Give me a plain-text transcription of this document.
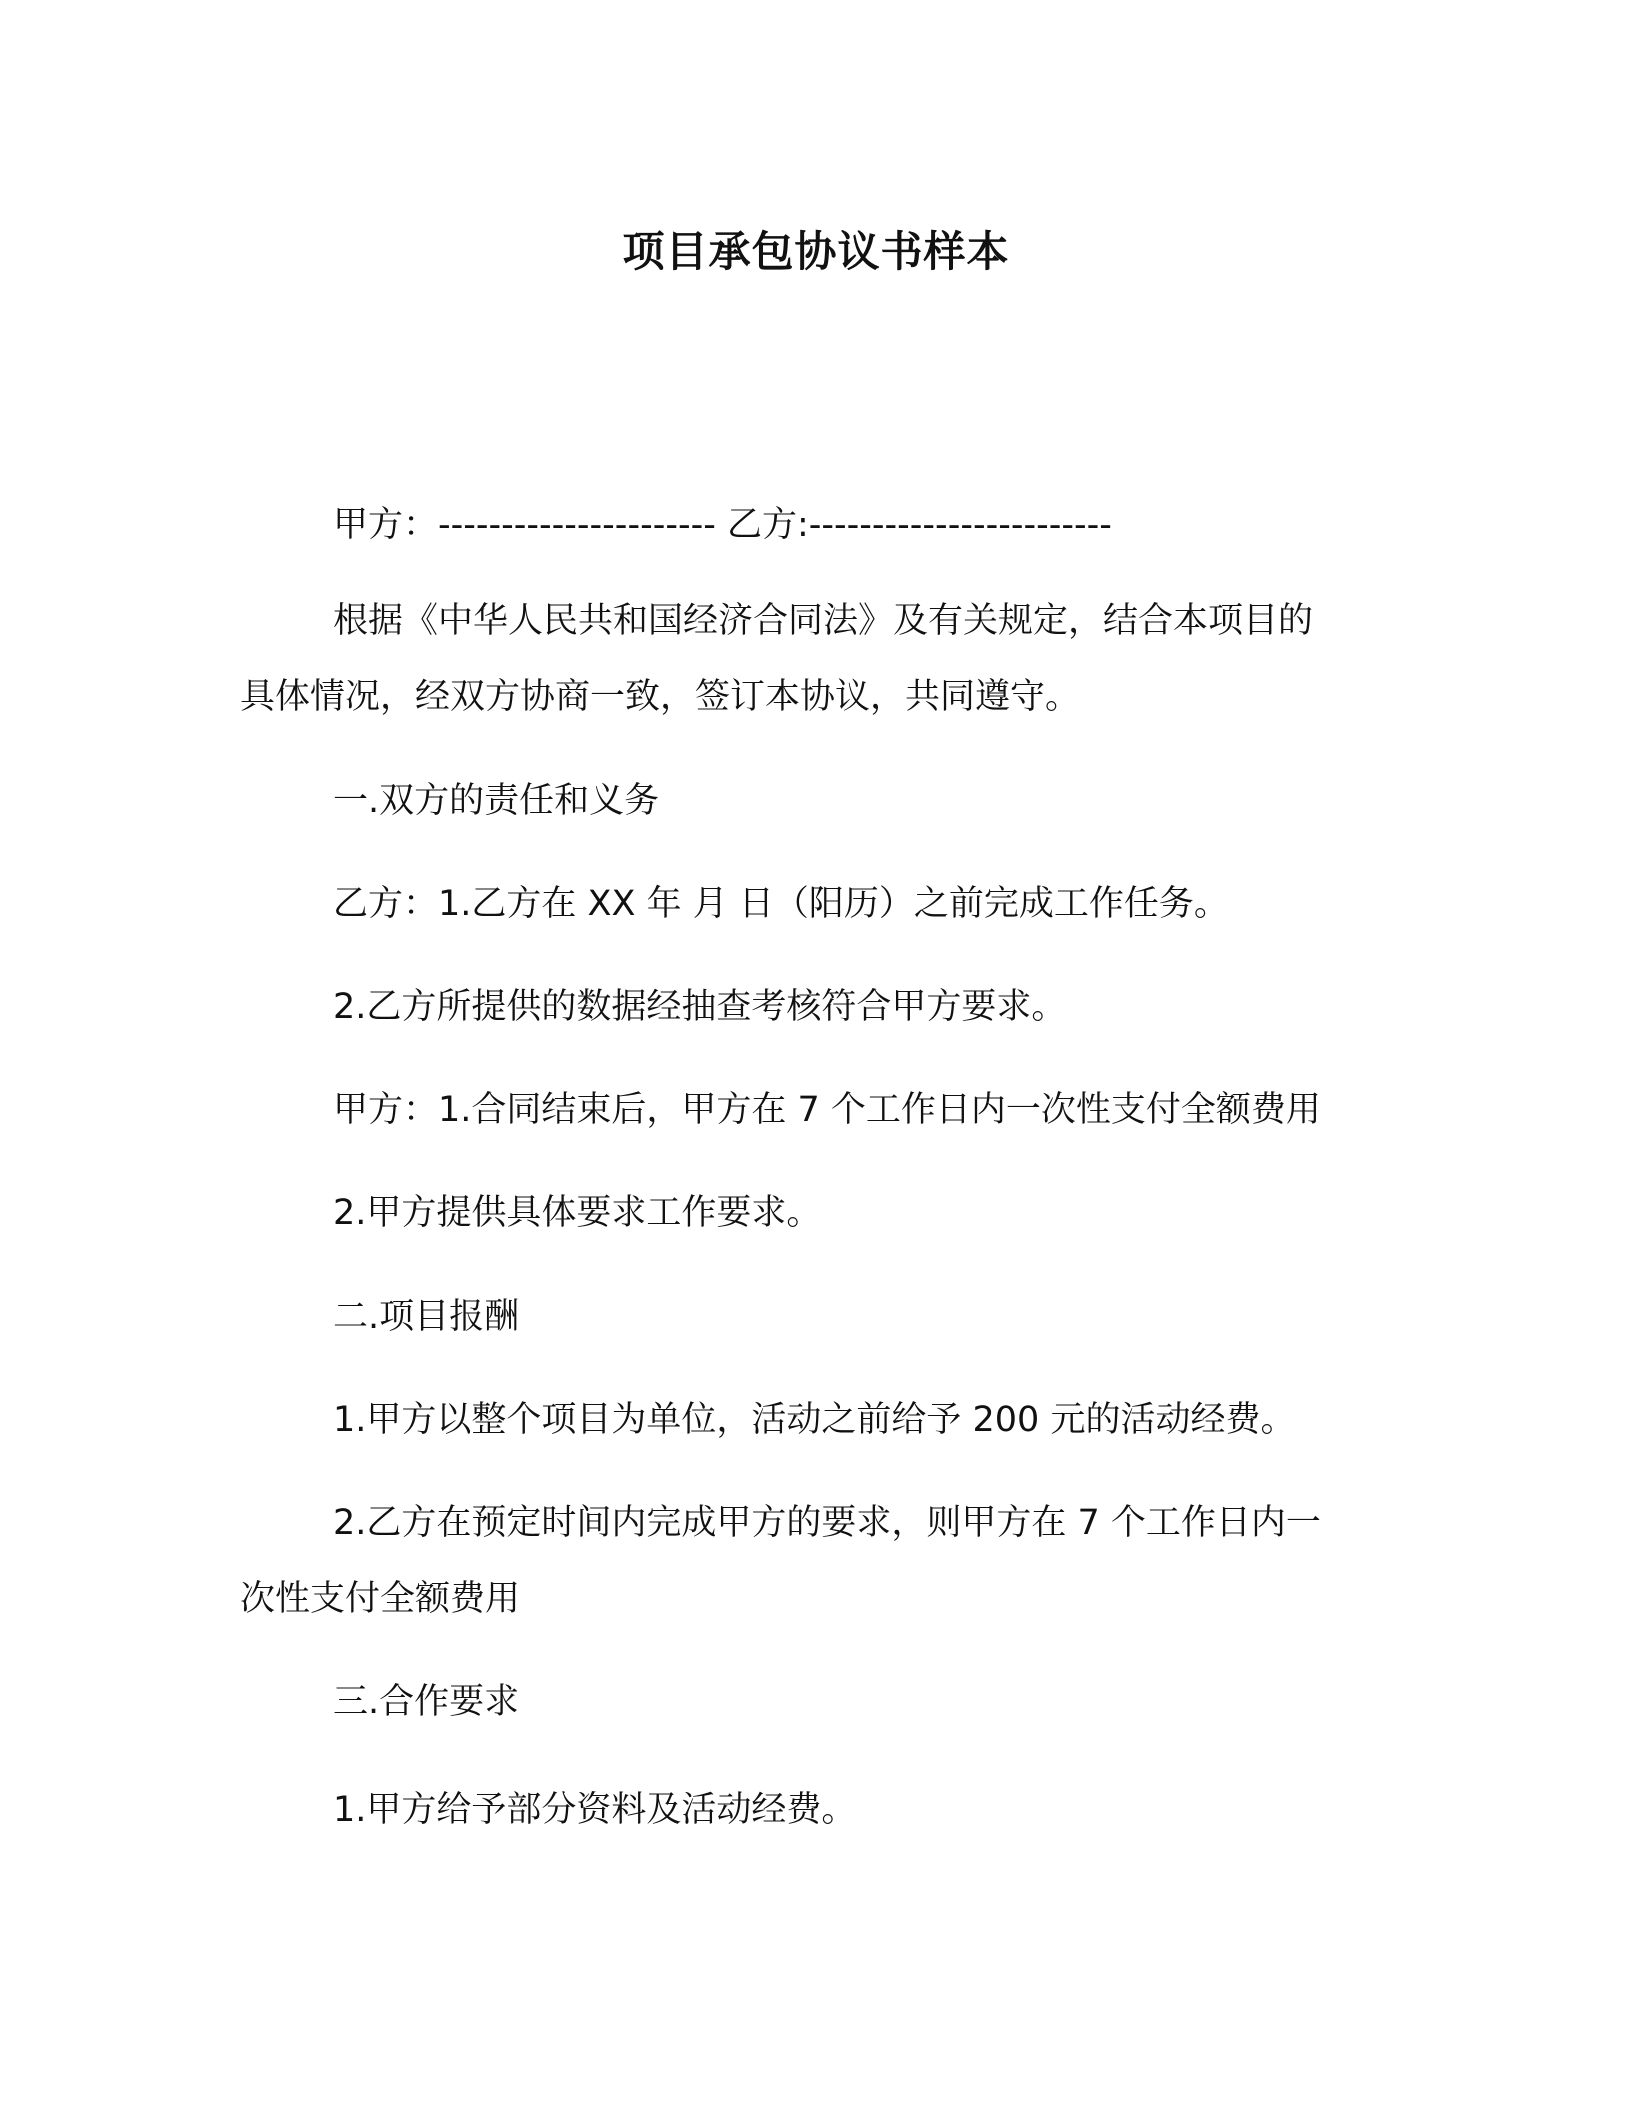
项目承包协议书样本
甲方：---------------------- 乙方:------------------------
根据《中华人民共和国经济合同法》及有关规定，结合本项目的
具体情况，经双方协商一致，签订本协议，共同遵守。
一.双方的责任和义务
乙方：1.乙方在 XX 年 月 日（阳历）之前完成工作任务。
2.乙方所提供的数据经抽查考核符合甲方要求。
甲方：1.合同结束后，甲方在 7 个工作日内一次性支付全额费用
2.甲方提供具体要求工作要求。
二.项目报酬
1.甲方以整个项目为单位，活动之前给予 200 元的活动经费。
2.乙方在预定时间内完成甲方的要求，则甲方在 7 个工作日内一
次性支付全额费用
三.合作要求
1.甲方给予部分资料及活动经费。
